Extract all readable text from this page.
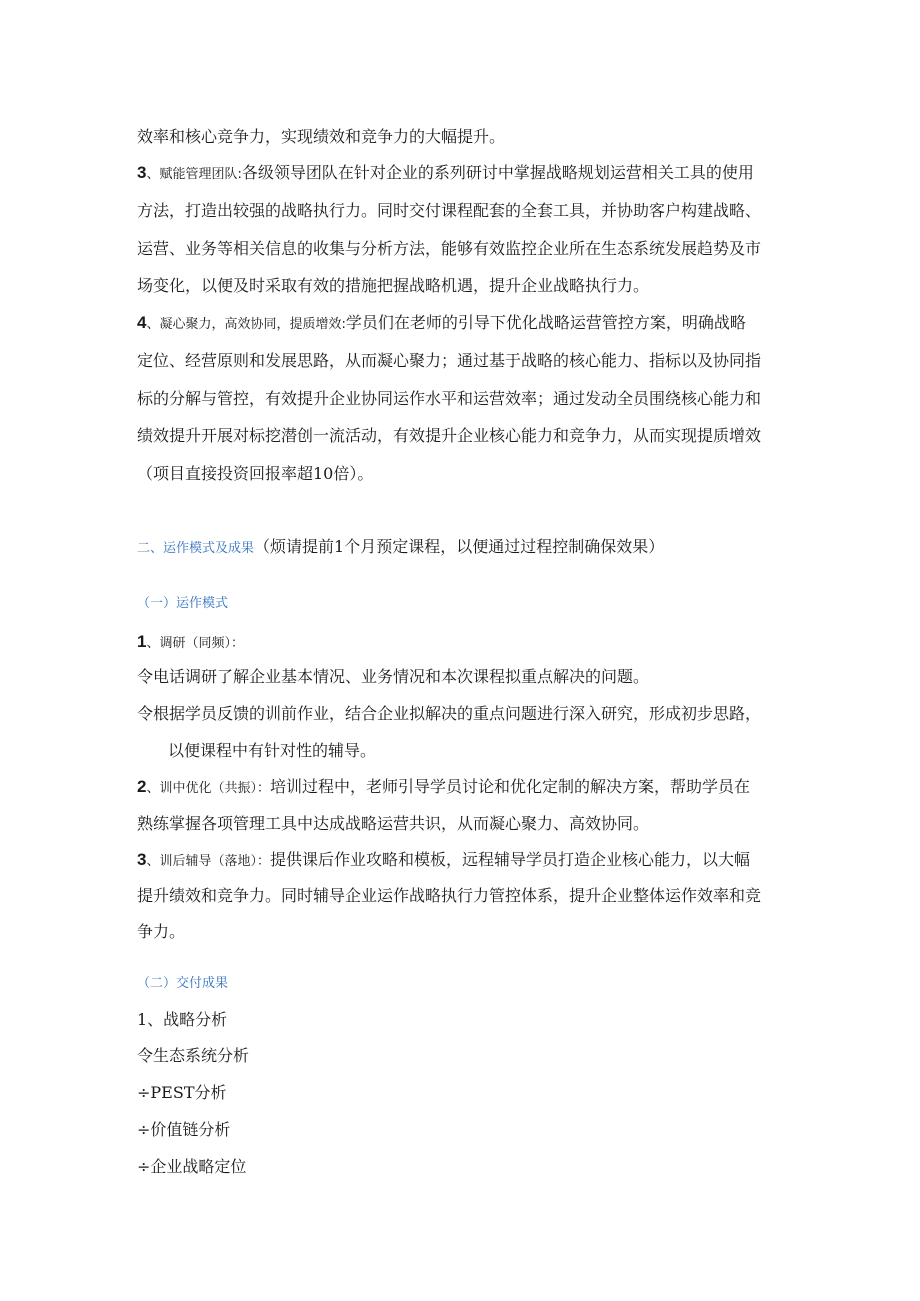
效率和核心竞争力，实现绩效和竞争力的大幅提升。
3、赋能管理团队:各级领导团队在针对企业的系列研讨中掌握战略规划运营相关工具的使用
方法，打造出较强的战略执行力。同时交付课程配套的全套工具，并协助客户构建战略、
运营、业务等相关信息的收集与分析方法，能够有效监控企业所在生态系统发展趋势及市
场变化，以便及时采取有效的措施把握战略机遇，提升企业战略执行力。
4、凝心聚力，高效协同，提质增效:学员们在老师的引导下优化战略运营管控方案，明确战略
定位、经营原则和发展思路，从而凝心聚力；通过基于战略的核心能力、指标以及协同指
标的分解与管控，有效提升企业协同运作水平和运营效率；通过发动全员围绕核心能力和
绩效提升开展对标挖潜创一流活动，有效提升企业核心能力和竞争力，从而实现提质增效
（项目直接投资回报率超10倍）。
二、运作模式及成果（烦请提前1个月预定课程，以便通过过程控制确保效果）
（一）运作模式
1、调研（同频）：
令电话调研了解企业基本情况、业务情况和本次课程拟重点解决的问题。
令根据学员反馈的训前作业，结合企业拟解决的重点问题进行深入研究，形成初步思路，
以便课程中有针对性的辅导。
2、训中优化（共振）：培训过程中，老师引导学员讨论和优化定制的解决方案，帮助学员在
熟练掌握各项管理工具中达成战略运营共识，从而凝心聚力、高效协同。
3、训后辅导（落地）：提供课后作业攻略和模板，远程辅导学员打造企业核心能力，以大幅
提升绩效和竞争力。同时辅导企业运作战略执行力管控体系，提升企业整体运作效率和竞
争力。
（二）交付成果
1、战略分析
令生态系统分析
÷PEST分析
÷价值链分析
÷企业战略定位
